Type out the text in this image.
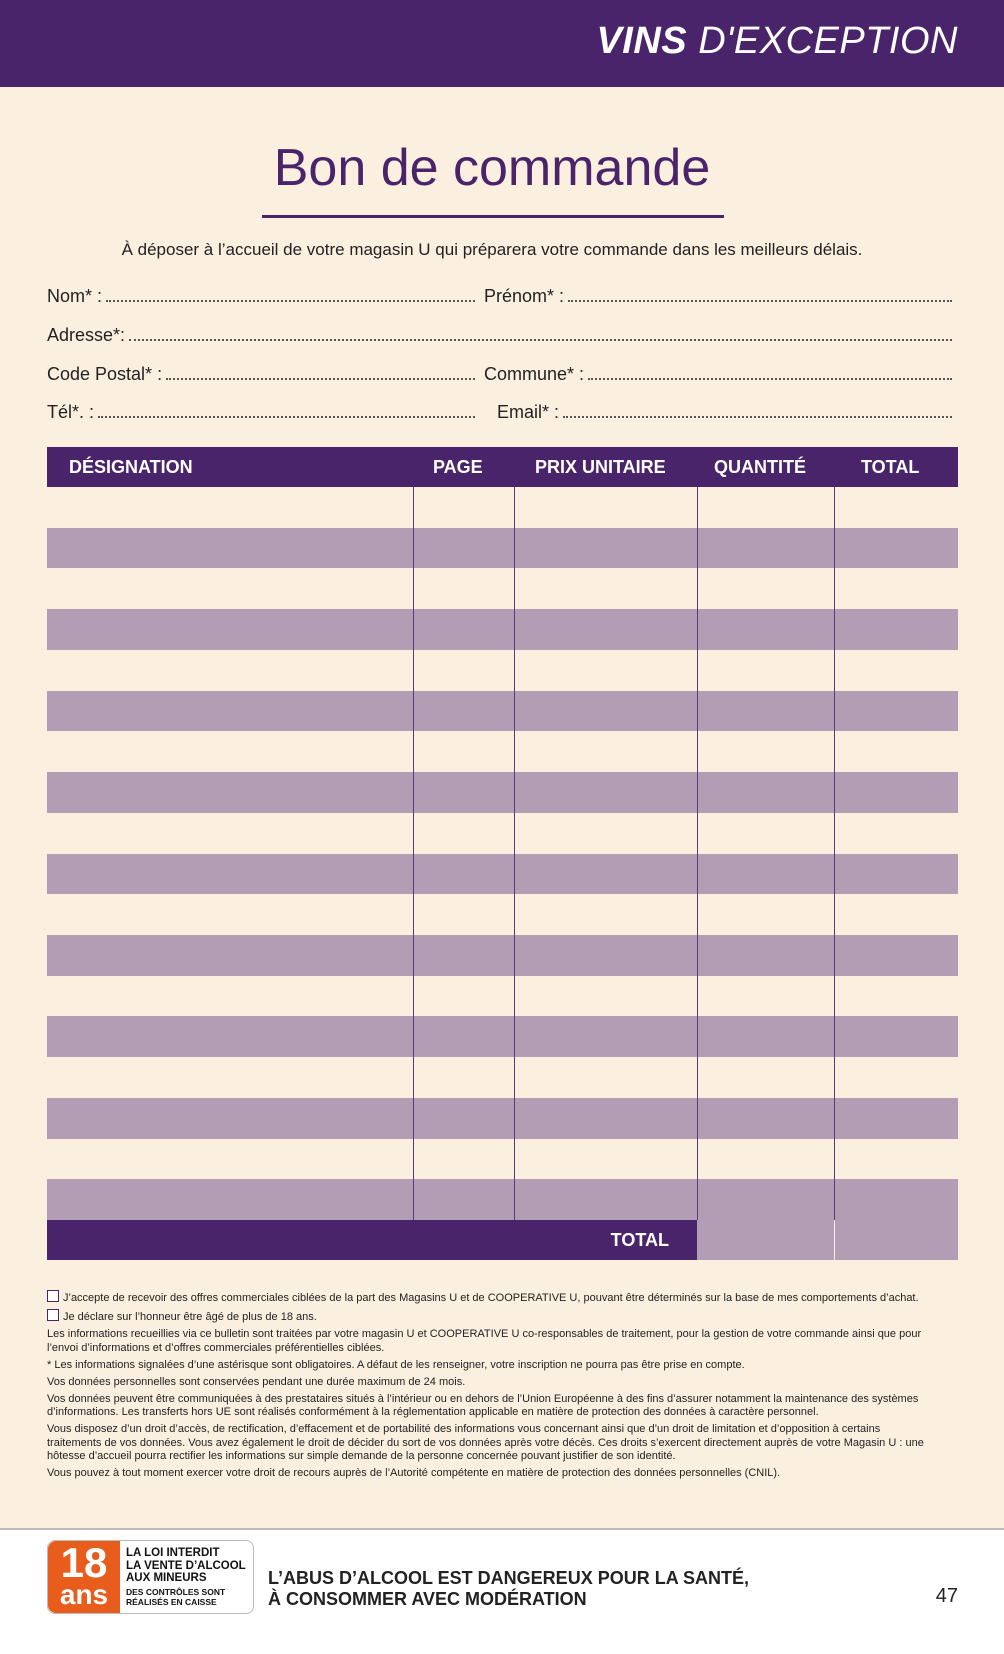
VINS D'EXCEPTION
Bon de commande
À déposer à l’accueil de votre magasin U qui préparera votre commande dans les meilleurs délais.
Nom* :	Prénom* :
Adresse*:
Code Postal* :	Commune* :
Tél*. :	Email* :
DÉSIGNATION	PAGE	PRIX UNITAIRE	QUANTITÉ	TOTAL
TOTAL

J’accepte de recevoir des offres commerciales ciblées de la part des Magasins U et de COOPERATIVE U, pouvant être déterminés sur la base de mes comportements d’achat.

Je déclare sur l’honneur être âgé de plus de 18 ans.

Les informations recueillies via ce bulletin sont traitées par votre magasin U et COOPERATIVE U co-responsables de traitement, pour la gestion de votre commande ainsi que pour l’envoi d’informations et d’offres commerciales préférentielles ciblées.

* Les informations signalées d’une astérisque sont obligatoires. A défaut de les renseigner, votre inscription ne pourra pas être prise en compte.

Vos données personnelles sont conservées pendant une durée maximum de 24 mois.

Vos données peuvent être communiquées à des prestataires situés à l’intérieur ou en dehors de l’Union Européenne à des fins d’assurer notamment la maintenance des systèmes d’informations. Les transferts hors UE sont réalisés conformément à la réglementation applicable en matière de protection des données à caractère personnel.

Vous disposez d’un droit d’accès, de rectification, d’effacement et de portabilité des informations vous concernant ainsi que d’un droit de limitation et d’opposition à certains traitements de vos données. Vous avez également le droit de décider du sort de vos données après votre décès. Ces droits s’exercent directement auprès de votre Magasin U : une hôtesse d’accueil pourra rectifier les informations sur simple demande de la personne concernée pouvant justifier de son identité.

Vous pouvez à tout moment exercer votre droit de recours auprès de l’Autorité compétente en matière de protection des données personnelles (CNIL).

18
ans
LA LOI INTERDIT
LA VENTE D’ALCOOL
AUX MINEURS
DES CONTRÔLES SONT
RÉALISÉS EN CAISSE
L’ABUS D’ALCOOL EST DANGEREUX POUR LA SANTÉ,
À CONSOMMER AVEC MODÉRATION	47
